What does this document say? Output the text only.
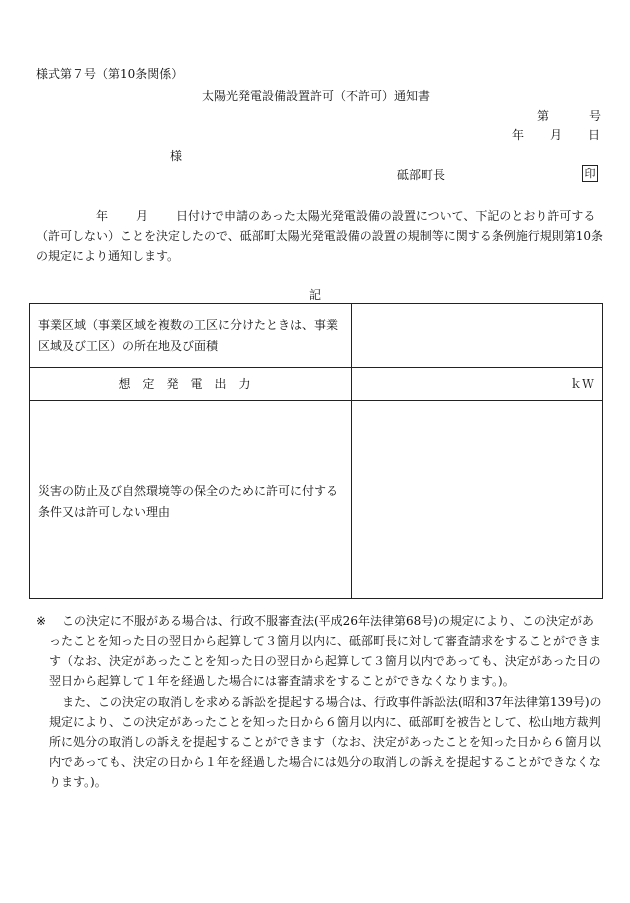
様式第７号（第10条関係）
太陽光発電設備設置許可（不許可）通知書
第	号
年 月 日
様
砥部町長	印
年 月 日付けで申請のあった太陽光発電設備の設置について、下記のとおり許可する（許可しない）ことを決定したので、砥部町太陽光発電設備の設置の規制等に関する条例施行規則第10条の規定により通知します。
記
事業区域（事業区域を複数の工区に分けたときは、事業区域及び工区）の所在地及び面積
想定発電出力	ｋＷ
災害の防止及び自然環境等の保全のために許可に付する条件又は許可しない理由
※	この決定に不服がある場合は、行政不服審査法(平成26年法律第68号)の規定により、この決定があったことを知った日の翌日から起算して３箇月以内に、砥部町長に対して審査請求をすることができます（なお、決定があったことを知った日の翌日から起算して３箇月以内であっても、決定があった日の翌日から起算して１年を経過した場合には審査請求をすることができなくなります。)。
また、この決定の取消しを求める訴訟を提起する場合は、行政事件訴訟法(昭和37年法律第139号)の規定により、この決定があったことを知った日から６箇月以内に、砥部町を被告として、松山地方裁判所に処分の取消しの訴えを提起することができます（なお、決定があったことを知った日から６箇月以内であっても、決定の日から１年を経過した場合には処分の取消しの訴えを提起することができなくなります。)。
